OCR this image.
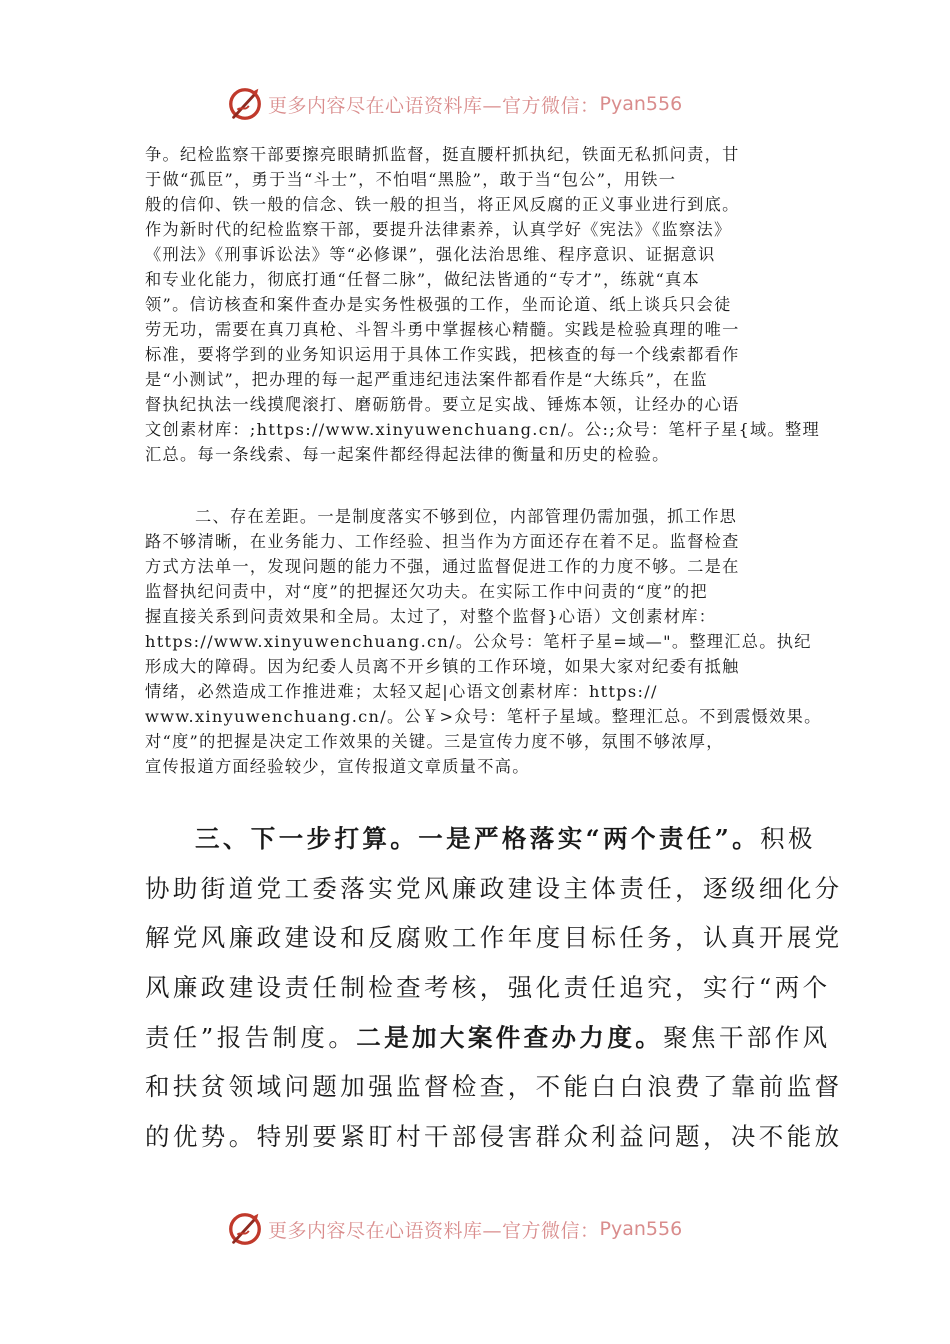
更多内容尽在心语资料库—官方微信： Pyan556
争。纪检监察干部要擦亮眼睛抓监督，挺直腰杆抓执纪，铁面无私抓问责，甘
于做“孤臣”，勇于当“斗士”，不怕唱“黑脸”，敢于当“包公”，用铁一
般的信仰、铁一般的信念、铁一般的担当，将正风反腐的正义事业进行到底。
作为新时代的纪检监察干部，要提升法律素养，认真学好《宪法》《监察法》
《刑法》《刑事诉讼法》等“必修课”，强化法治思维、程序意识、证据意识
和专业化能力，彻底打通“任督二脉”，做纪法皆通的“专才”，练就“真本
领”。信访核查和案件查办是实务性极强的工作，坐而论道、纸上谈兵只会徒
劳无功，需要在真刀真枪、斗智斗勇中掌握核心精髓。实践是检验真理的唯一
标准，要将学到的业务知识运用于具体工作实践，把核查的每一个线索都看作
是“小测试”，把办理的每一起严重违纪违法案件都看作是“大练兵”，在监
督执纪执法一线摸爬滚打、磨砺筋骨。要立足实战、锤炼本领，让经办的心语
文创素材库：;https://www.xinyuwenchuang.cn/。公:;众号：笔杆子星{域。整理
汇总。每一条线索、每一起案件都经得起法律的衡量和历史的检验。
二、存在差距。一是制度落实不够到位，内部管理仍需加强，抓工作思
路不够清晰，在业务能力、工作经验、担当作为方面还存在着不足。监督检查
方式方法单一，发现问题的能力不强，通过监督促进工作的力度不够。二是在
监督执纪问责中，对“度”的把握还欠功夫。在实际工作中问责的“度”的把
握直接关系到问责效果和全局。太过了，对整个监督}心语）文创素材库：
https://www.xinyuwenchuang.cn/。公众号：笔杆子星=域—"。整理汇总。执纪
形成大的障碍。因为纪委人员离不开乡镇的工作环境，如果大家对纪委有抵触
情绪，必然造成工作推进难；太轻又起|心语文创素材库：https://
www.xinyuwenchuang.cn/。公￥>众号：笔杆子星域。整理汇总。不到震慑效果。
对“度”的把握是决定工作效果的关键。三是宣传力度不够，氛围不够浓厚，
宣传报道方面经验较少，宣传报道文章质量不高。
三、下一步打算。一是严格落实“两个责任”。积极
协助街道党工委落实党风廉政建设主体责任，逐级细化分
解党风廉政建设和反腐败工作年度目标任务，认真开展党
风廉政建设责任制检查考核，强化责任追究，实行“两个
责任”报告制度。二是加大案件查办力度。聚焦干部作风
和扶贫领域问题加强监督检查，不能白白浪费了靠前监督
的优势。特别要紧盯村干部侵害群众利益问题，决不能放
更多内容尽在心语资料库—官方微信： Pyan556
